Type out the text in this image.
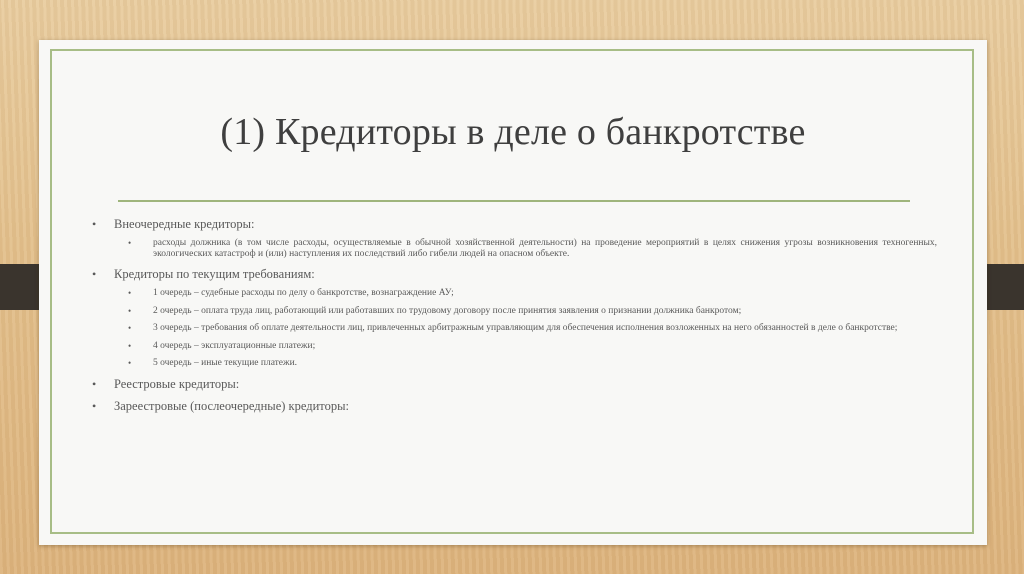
(1) Кредиторы в деле о банкротстве
• Внеочередные кредиторы:
• расходы должника (в том числе расходы, осуществляемые в обычной хозяйственной деятельности) на проведение мероприятий в целях снижения угрозы возникновения техногенных, экологических катастроф и (или) наступления их последствий либо гибели людей на опасном объекте.
• Кредиторы по текущим требованиям:
• 1 очередь – судебные расходы по делу о банкротстве, вознаграждение АУ;
• 2 очередь – оплата труда лиц, работающий или работавших по трудовому договору после принятия заявления о признании должника банкротом;
• 3 очередь – требования об оплате деятельности лиц, привлеченных арбитражным управляющим для обеспечения исполнения возложенных на него обязанностей в деле о банкротстве;
• 4 очередь – эксплуатационные платежи;
• 5 очередь – иные текущие платежи.
• Реестровые кредиторы:
• Зареестровые (послеочередные) кредиторы:
